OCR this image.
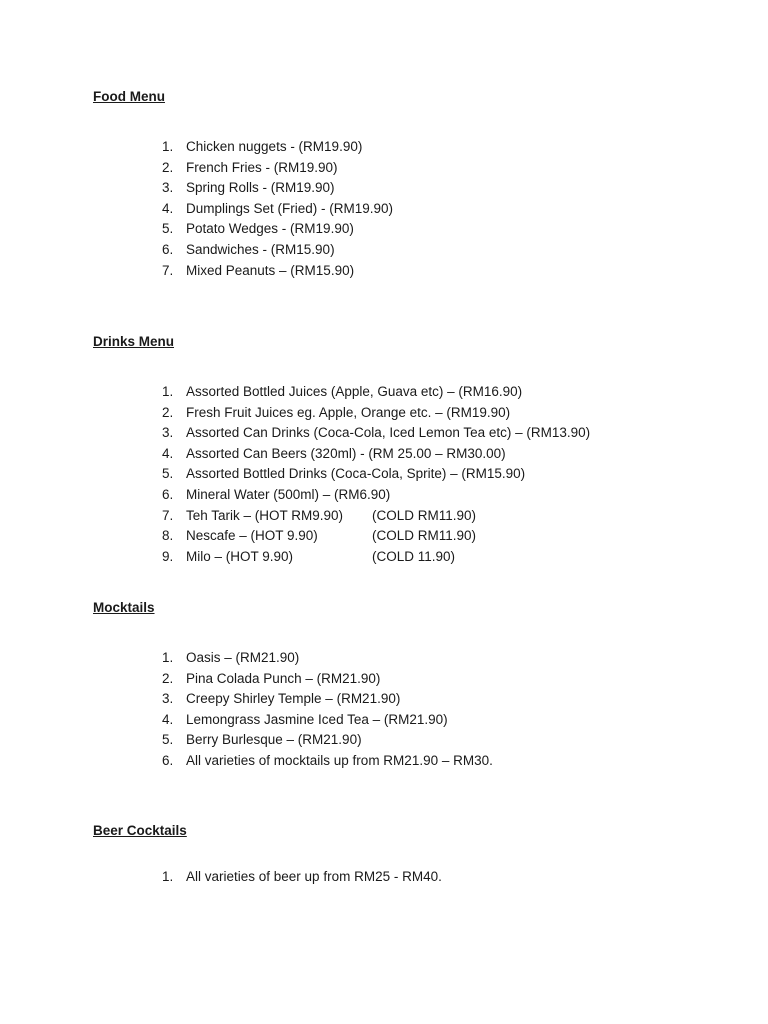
Food Menu
1. Chicken nuggets - (RM19.90)
2. French Fries - (RM19.90)
3. Spring Rolls - (RM19.90)
4. Dumplings Set (Fried) - (RM19.90)
5. Potato Wedges - (RM19.90)
6. Sandwiches - (RM15.90)
7. Mixed Peanuts – (RM15.90)
Drinks Menu
1. Assorted Bottled Juices (Apple, Guava etc) – (RM16.90)
2. Fresh Fruit Juices eg. Apple, Orange etc. – (RM19.90)
3. Assorted Can Drinks (Coca-Cola, Iced Lemon Tea etc) – (RM13.90)
4. Assorted Can Beers (320ml) - (RM 25.00 – RM30.00)
5. Assorted Bottled Drinks (Coca-Cola, Sprite) – (RM15.90)
6. Mineral Water (500ml) – (RM6.90)
7. Teh Tarik – (HOT RM9.90) (COLD RM11.90)
8. Nescafe – (HOT 9.90)	(COLD RM11.90)
9. Milo – (HOT 9.90)	(COLD 11.90)
Mocktails
1. Oasis – (RM21.90)
2. Pina Colada Punch – (RM21.90)
3. Creepy Shirley Temple – (RM21.90)
4. Lemongrass Jasmine Iced Tea – (RM21.90)
5. Berry Burlesque – (RM21.90)
6. All varieties of mocktails up from RM21.90 – RM30.
Beer Cocktails
1. All varieties of beer up from RM25 - RM40.
